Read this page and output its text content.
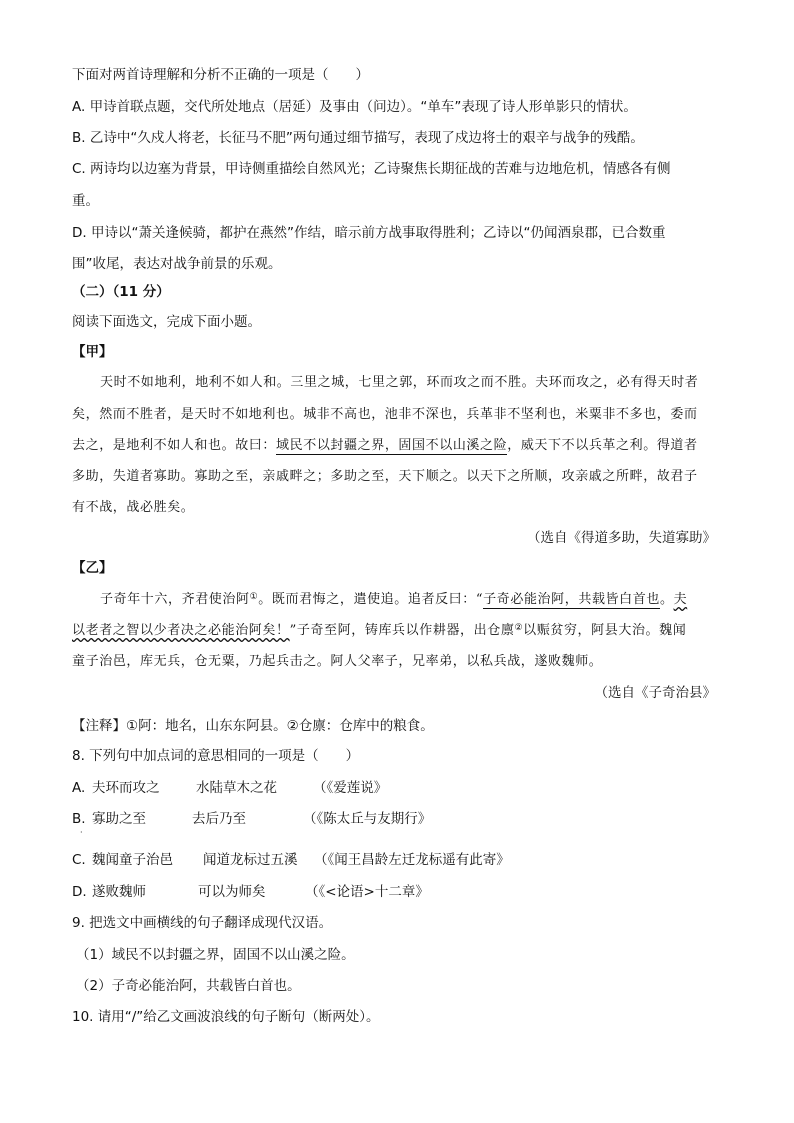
下面对两首诗理解和分析不正确的一项是（　　）
A. 甲诗首联点题，交代所处地点（居延）及事由（问边）。“单车”表现了诗人形单影只的情状。
B. 乙诗中“久戍人将老，长征马不肥”两句通过细节描写，表现了戍边将士的艰辛与战争的残酷。
C. 两诗均以边塞为背景，甲诗侧重描绘自然风光；乙诗聚焦长期征战的苦难与边地危机，情感各有侧
重。
D. 甲诗以“萧关逢候骑，都护在燕然”作结，暗示前方战事取得胜利；乙诗以“仍闻酒泉郡，已合数重
围”收尾，表达对战争前景的乐观。
（二）（11 分）
阅读下面选文，完成下面小题。
【甲】
天时不如地利，地利不如人和。三里之城，七里之郭，环而攻之而不胜。夫环而攻之，必有得天时者
矣，然而不胜者，是天时不如地利也。城非不高也，池非不深也，兵革非不坚利也，米粟非不多也，委而
去之，是地利不如人和也。故曰：域民不以封疆之界，固国不以山溪之险，威天下不以兵革之利。得道者
多助，失道者寡助。寡助之至，亲戚畔之；多助之至，天下顺之。以天下之所顺，攻亲戚之所畔，故君子
有不战，战必胜矣。
（选自《得道多助，失道寡助》
【乙】
子奇年十六，齐君使治阿①。既而君悔之，遣使追。追者反曰：“子奇必能治阿，共载皆白首也。夫
以老者之智以少者决之必能治阿矣！”子奇至阿，铸库兵以作耕器，出仓廪②以赈贫穷，阿县大治。魏闻
童子治邑，库无兵，仓无粟，乃起兵击之。阿人父率子，兄率弟，以私兵战，遂败魏师。
（选自《子奇治县》
【注释】①阿：地名，山东东阿县。②仓廪：仓库中的粮食。
8. 下列句中加点词的意思相同的一项是（　　）
A. 夫环而攻之	水陆草木之花	（《爱莲说》
B. 寡助之至	去后乃至	（《陈太丘与友期行》
·
C. 魏闻童子治邑 闻道龙标过五溪 （《闻王昌龄左迁龙标遥有此寄》
D. 遂败魏师	可以为师矣	（《<论语>十二章》
9. 把选文中画横线的句子翻译成现代汉语。
（1）域民不以封疆之界，固国不以山溪之险。
（2）子奇必能治阿，共载皆白首也。
10. 请用“/”给乙文画波浪线的句子断句（断两处）。
